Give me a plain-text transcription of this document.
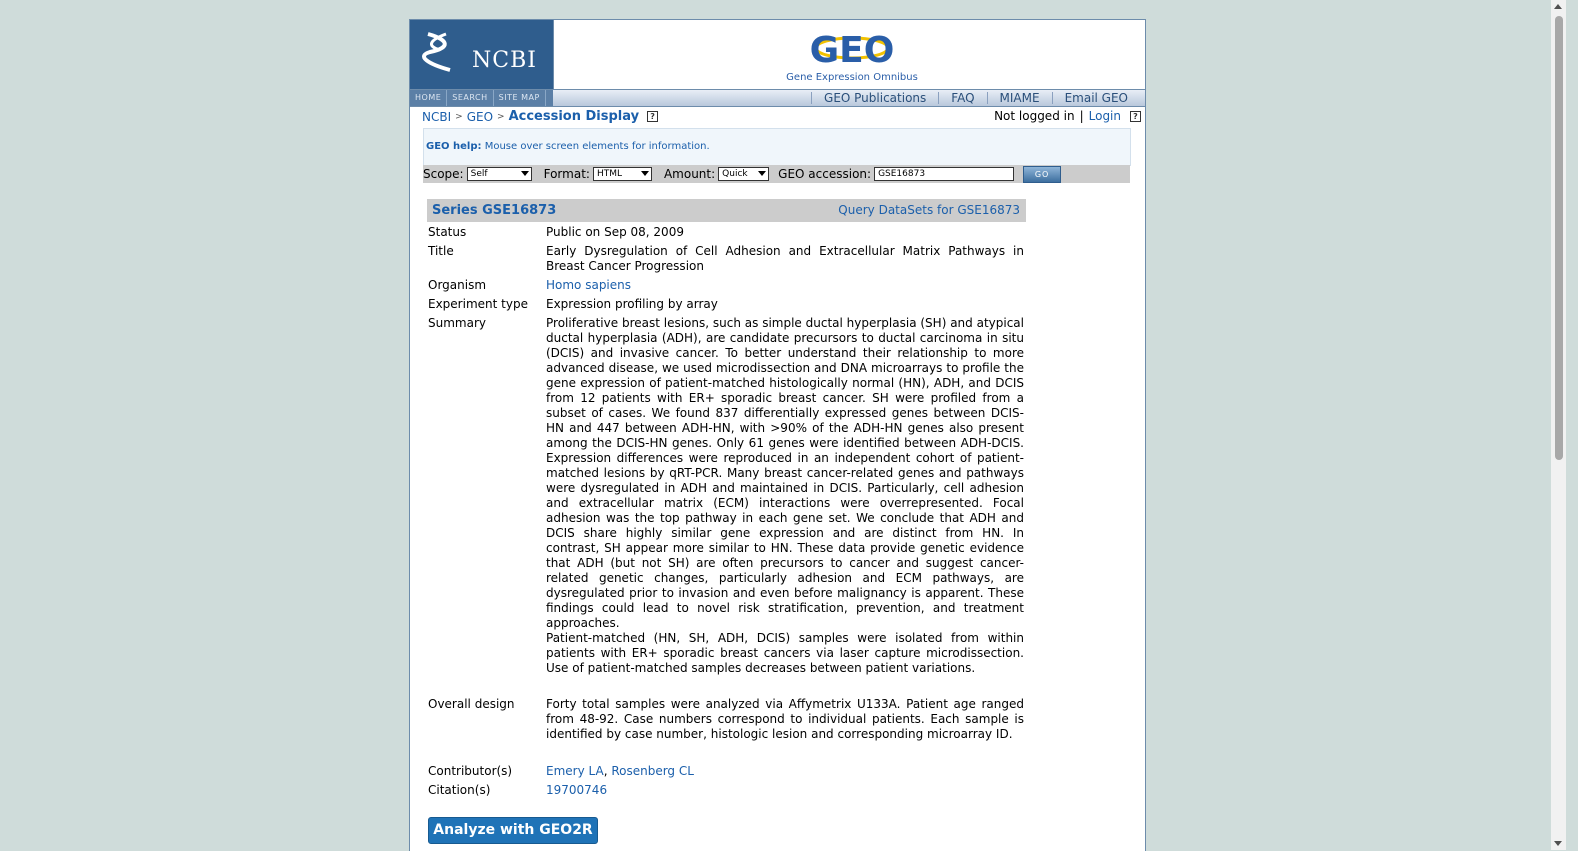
NCBI	GEO
Gene Expression Omnibus
HOME	SEARCH	SITE MAP	GEO Publications FAQ MIAME Email GEO
NCBI > GEO > Accession Display	?	Not logged in | Login	?
GEO help: Mouse over screen elements for information.
Scope: Self	Format: HTML	Amount: Quick	GEO accession: GSE16873	GO
Series GSE16873	Query DataSets for GSE16873
Status	Public on Sep 08, 2009
Title	Early Dysregulation of Cell Adhesion and Extracellular Matrix Pathways in Breast Cancer Progression
Organism	Homo sapiens
Experiment type	Expression profiling by array
Summary	Proliferative breast lesions, such as simple ductal hyperplasia (SH) and atypical ductal hyperplasia (ADH), are candidate precursors to ductal carcinoma in situ (DCIS) and invasive cancer. To better understand their relationship to more advanced disease, we used microdissection and DNA microarrays to profile the gene expression of patient-matched histologically normal (HN), ADH, and DCIS from 12 patients with ER+ sporadic breast cancer. SH were profiled from a subset of cases. We found 837 differentially expressed genes between DCIS-HN and 447 between ADH-HN, with >90% of the ADH-HN genes also present among the DCIS-HN genes. Only 61 genes were identified between ADH-DCIS. Expression differences were reproduced in an independent cohort of patient-matched lesions by qRT-PCR. Many breast cancer-related genes and pathways were dysregulated in ADH and maintained in DCIS. Particularly, cell adhesion and extracellular matrix (ECM) interactions were overrepresented. Focal adhesion was the top pathway in each gene set. We conclude that ADH and DCIS share highly similar gene expression and are distinct from HN. In contrast, SH appear more similar to HN. These data provide genetic evidence that ADH (but not SH) are often precursors to cancer and suggest cancer-related genetic changes, particularly adhesion and ECM pathways, are dysregulated prior to invasion and even before malignancy is apparent. These findings could lead to novel risk stratification, prevention, and treatment approaches.
Patient-matched (HN, SH, ADH, DCIS) samples were isolated from within patients with ER+ sporadic breast cancers via laser capture microdissection. Use of patient-matched samples decreases between patient variations.
Overall design	Forty total samples were analyzed via Affymetrix U133A. Patient age ranged from 48-92. Case numbers correspond to individual patients. Each sample is identified by case number, histologic lesion and corresponding microarray ID.
Contributor(s)	Emery LA, Rosenberg CL
Citation(s)	19700746
Analyze with GEO2R
